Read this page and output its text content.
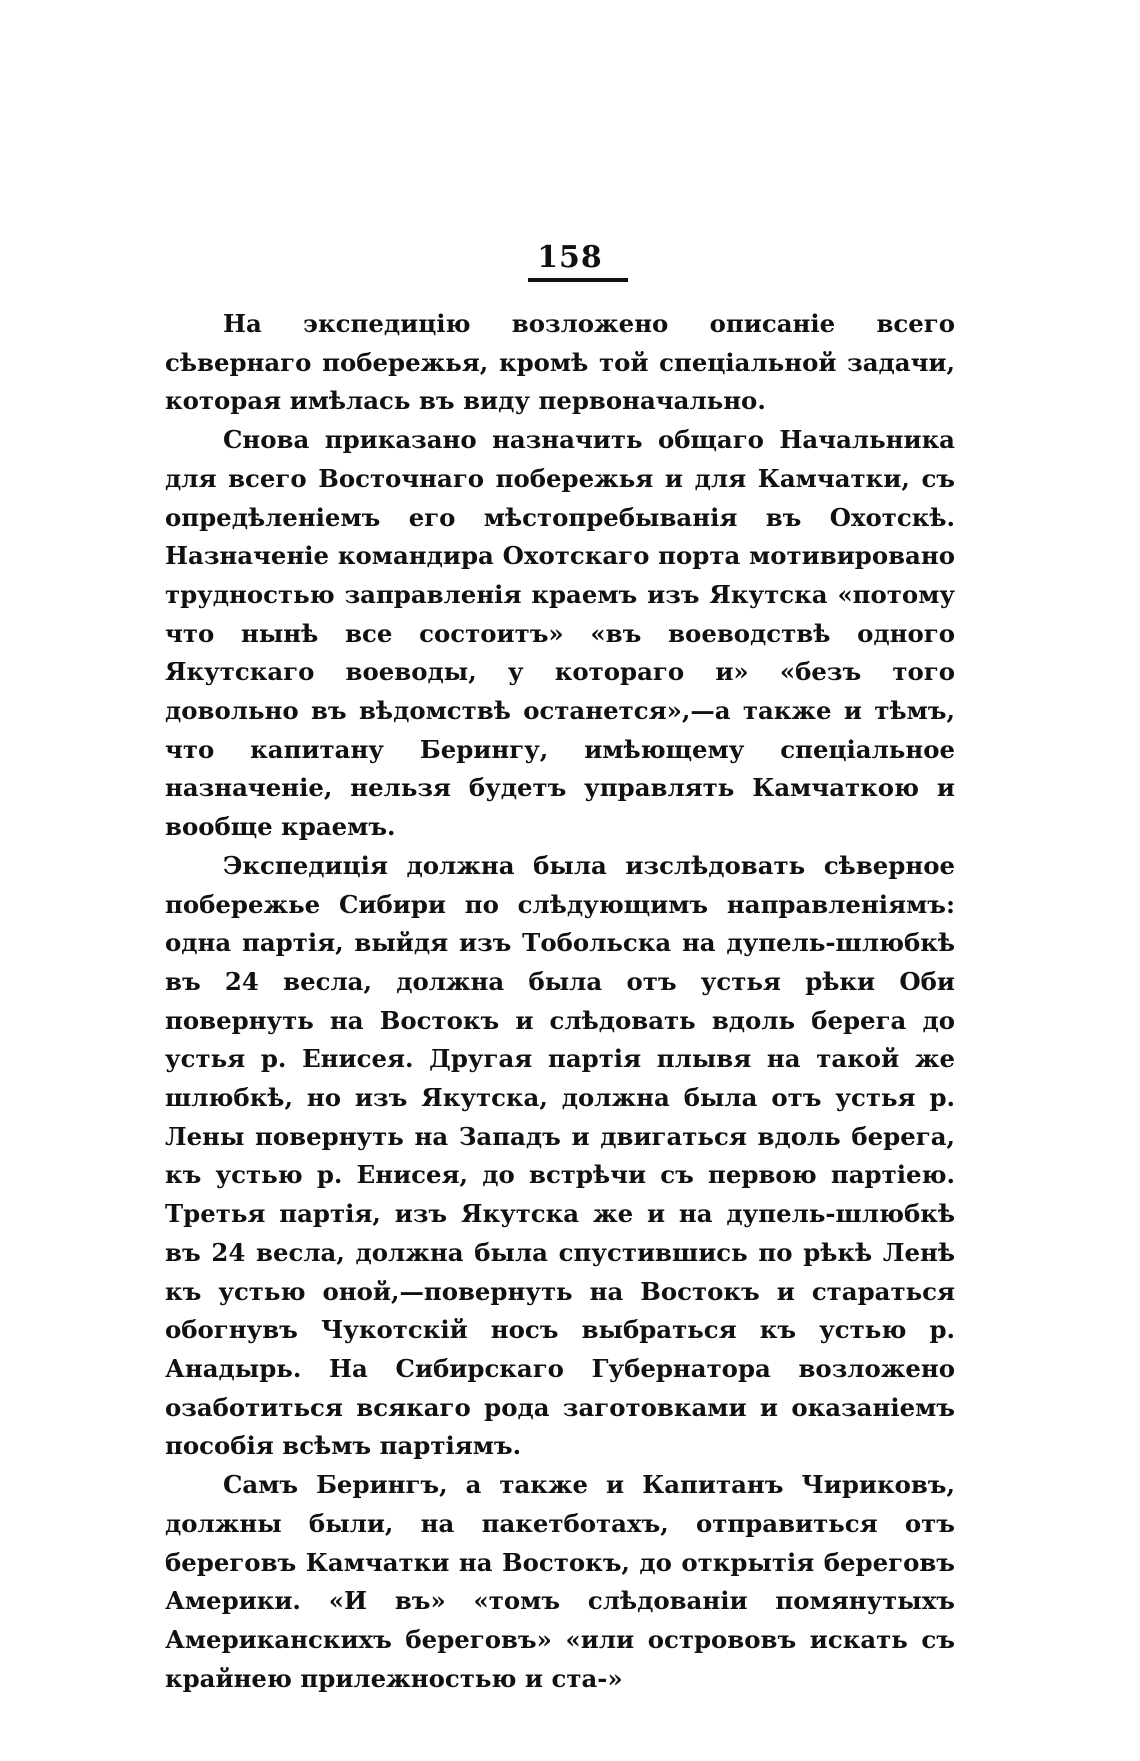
158

На экспедицію возложено описаніе всего сѣвернаго побережья, кромѣ той спеціальной задачи, которая имѣлась въ виду первоначально.

Снова приказано назначить общаго Начальника для всего Восточнаго побережья и для Камчатки, съ опредѣленіемъ его мѣстопребыванія въ Охотскѣ. Назначеніе командира Охотскаго порта мотивировано трудностью заправленія краемъ изъ Якутска «потому что нынѣ все состоитъ» «въ воеводствѣ одного Якутскаго воеводы, у котораго и» «безъ того довольно въ вѣдомствѣ останется»,—а также и тѣмъ, что капитану Берингу, имѣющему спеціальное назначеніе, нельзя будетъ управлять Камчаткою и вообще краемъ.

Экспедиція должна была изслѣдовать сѣверное побережье Сибири по слѣдующимъ направленіямъ: одна партія, выйдя изъ Тобольска на дупель-шлюбкѣ въ 24 весла, должна была отъ устья рѣки Оби повернуть на Востокъ и слѣдовать вдоль берега до устья р. Енисея. Другая партія плывя на такой же шлюбкѣ, но изъ Якутска, должна была отъ устья р. Лены повернуть на Западъ и двигаться вдоль берега, къ устью р. Енисея, до встрѣчи съ первою партіею. Третья партія, изъ Якутска же и на дупель-шлюбкѣ въ 24 весла, должна была спустившись по рѣкѣ Ленѣ къ устью оной,—повернуть на Востокъ и стараться обогнувъ Чукотскій носъ выбраться къ устью р. Анадырь. На Сибирскаго Губернатора возложено озаботиться всякаго рода заготовками и оказаніемъ пособія всѣмъ партіямъ.

Самъ Берингъ, а также и Капитанъ Чириковъ, должны были, на пакетботахъ, отправиться отъ береговъ Камчатки на Востокъ, до открытія береговъ Америки. «И въ» «томъ слѣдованіи помянутыхъ Американскихъ береговъ» «или острововъ искать съ крайнею прилежностью и ста-»
